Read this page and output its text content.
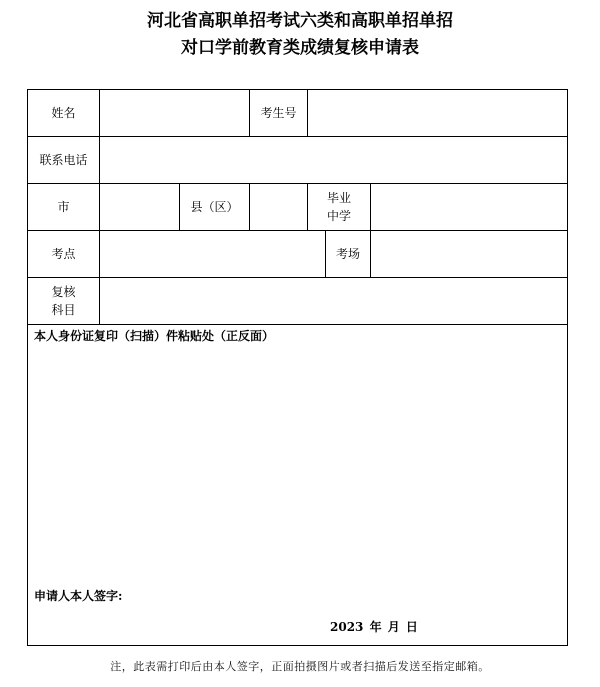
河北省高职单招考试六类和高职单招单招
对口学前教育类成绩复核申请表
姓名			考生号			
联系电话						
市		县（区）		毕业
中学		

考点					考场	

复核
科目						

本人身份证复印（扫描）件粘贴处（正反面）
申请人本人签字:
2023 年 月 日						
注，此表需打印后由本人签字，正面拍摄图片或者扫描后发送至指定邮箱。
